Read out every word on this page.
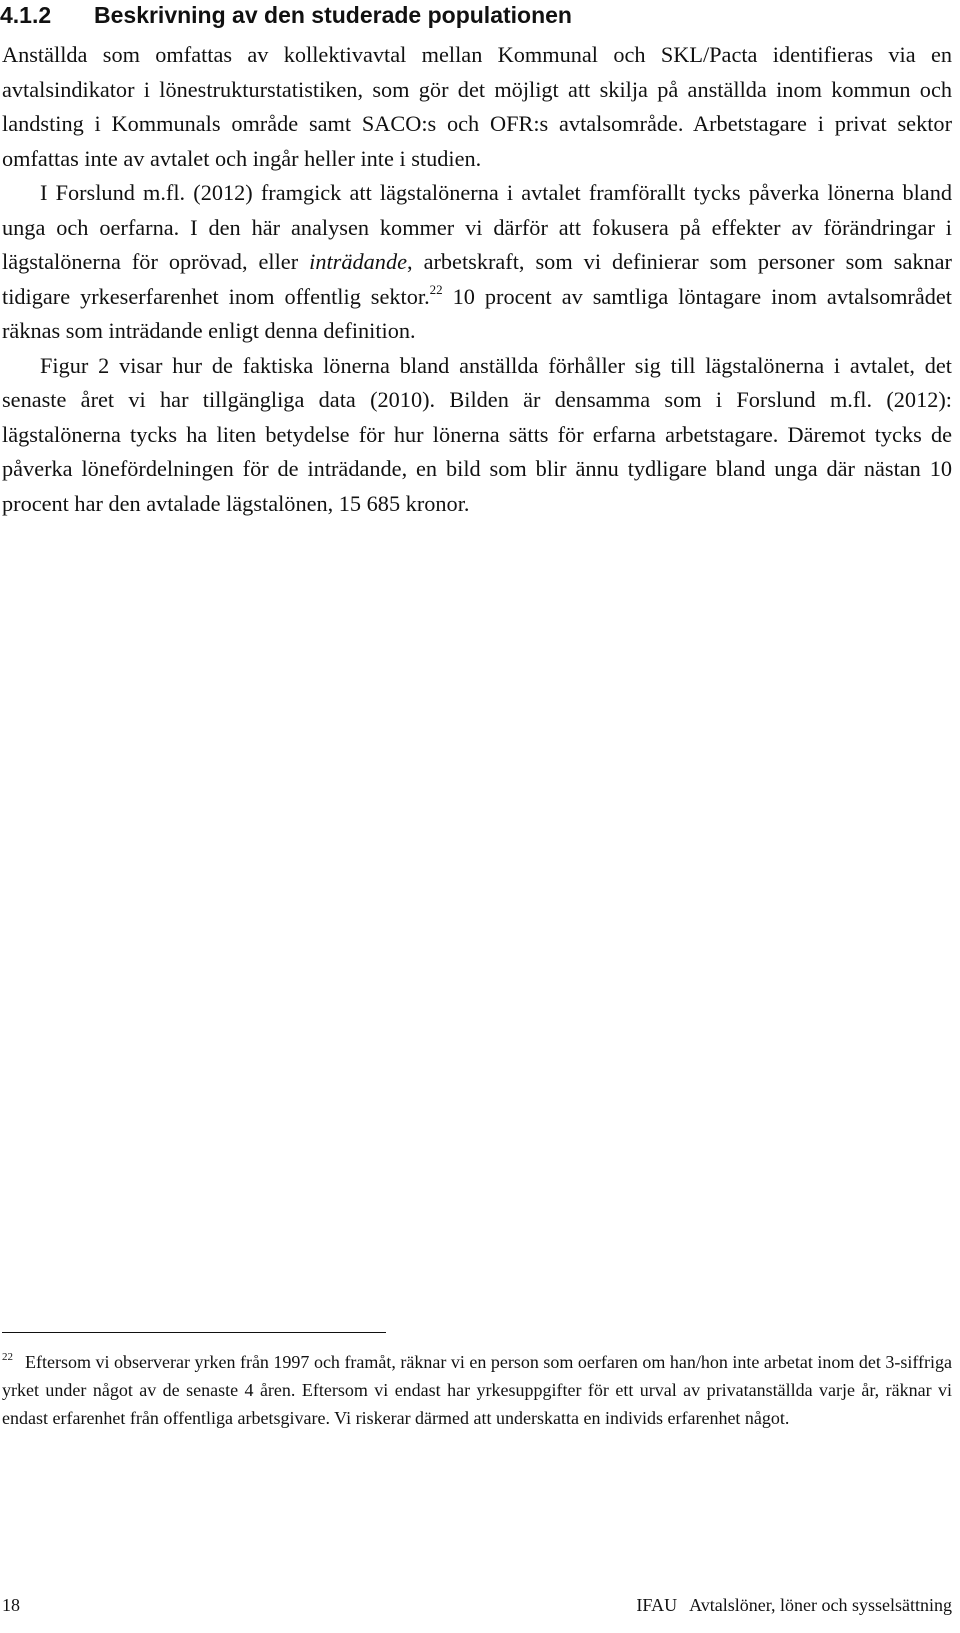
4.1.2 Beskrivning av den studerade populationen

Anställda som omfattas av kollektivavtal mellan Kommunal och SKL/Pacta identifieras via en avtalsindikator i lönestrukturstatistiken, som gör det möjligt att skilja på anställda inom kommun och landsting i Kommunals område samt SACO:s och OFR:s avtalsområde. Arbetstagare i privat sektor omfattas inte av avtalet och ingår heller inte i studien.

I Forslund m.fl. (2012) framgick att lägstalönerna i avtalet framförallt tycks påverka lönerna bland unga och oerfarna. I den här analysen kommer vi därför att fokusera på effekter av förändringar i lägstalönerna för oprövad, eller inträdande, arbetskraft, som vi definierar som personer som saknar tidigare yrkeserfarenhet inom offentlig sektor.$^{22}$ 10 procent av samtliga löntagare inom avtalsområdet räknas som inträdande enligt denna definition.

Figur 2 visar hur de faktiska lönerna bland anställda förhåller sig till lägstalönerna i avtalet, det senaste året vi har tillgängliga data (2010). Bilden är densamma som i Forslund m.fl. (2012): lägstalönerna tycks ha liten betydelse för hur lönerna sätts för erfarna arbetstagare. Däremot tycks de påverka lönefördelningen för de inträdande, en bild som blir ännu tydligare bland unga där nästan 10 procent har den avtalade lägstalönen, 15 685 kronor.

$^{22}$ Eftersom vi observerar yrken från 1997 och framåt, räknar vi en person som oerfaren om han/hon inte arbetat inom det 3-siffriga yrket under något av de senaste 4 åren. Eftersom vi endast har yrkesuppgifter för ett urval av privatanställda varje år, räknar vi endast erfarenhet från offentliga arbetsgivare. Vi riskerar därmed att underskatta en individs erfarenhet något.

18	IFAU Avtalslöner, löner och sysselsättning
